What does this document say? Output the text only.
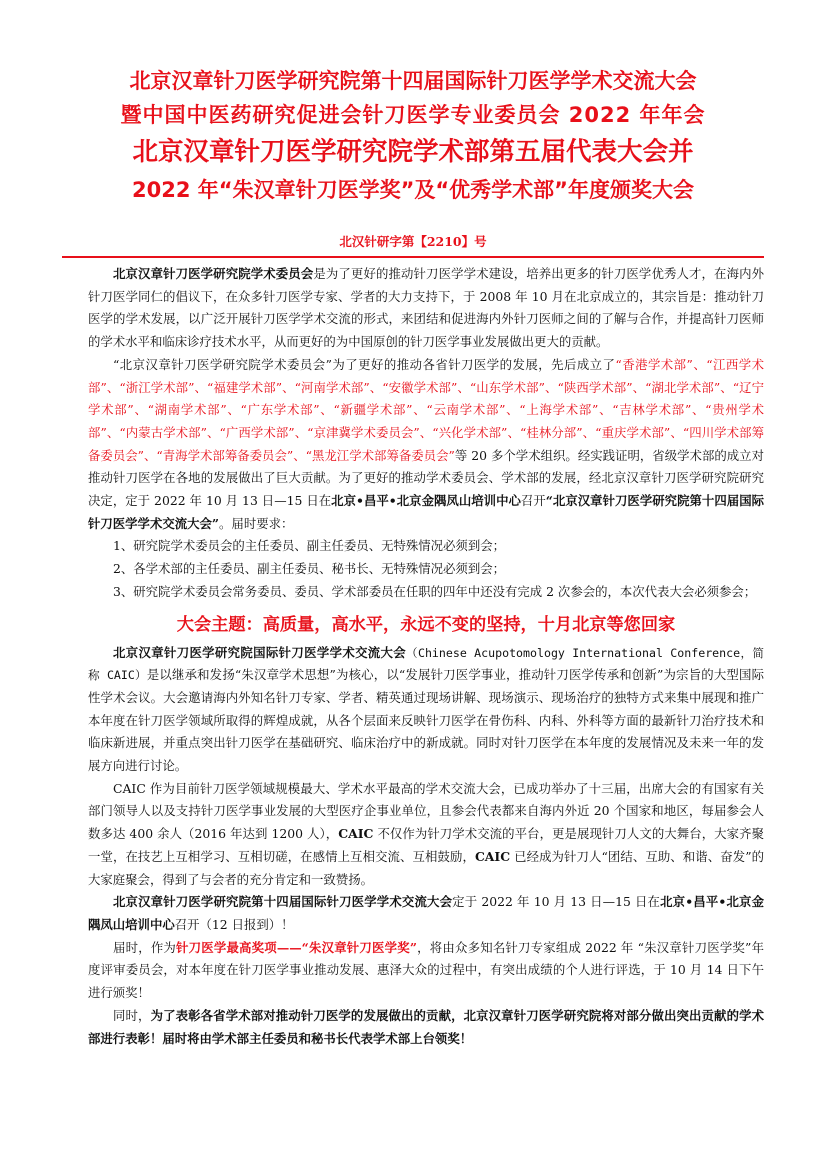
北京汉章针刀医学研究院第十四届国际针刀医学学术交流大会
暨中国中医药研究促进会针刀医学专业委员会 2022 年年会
北京汉章针刀医学研究院学术部第五届代表大会并
2022 年“朱汉章针刀医学奖”及“优秀学术部”年度颁奖大会
北汉针研字第【2210】号

北京汉章针刀医学研究院学术委员会是为了更好的推动针刀医学学术建设，培养出更多的针刀医学优秀人才，在海内外针刀医学同仁的倡议下，在众多针刀医学专家、学者的大力支持下，于 2008 年 10 月在北京成立的，其宗旨是：推动针刀医学的学术发展，以广泛开展针刀医学学术交流的形式，来团结和促进海内外针刀医师之间的了解与合作，并提高针刀医师的学术水平和临床诊疗技术水平，从而更好的为中国原创的针刀医学事业发展做出更大的贡献。

“北京汉章针刀医学研究院学术委员会”为了更好的推动各省针刀医学的发展，先后成立了“香港学术部”、“江西学术部”、“浙江学术部”、“福建学术部”、“河南学术部”、“安徽学术部”、“山东学术部”、“陕西学术部”、“湖北学术部”、“辽宁学术部”、“湖南学术部”、“广东学术部”、“新疆学术部”、“云南学术部”、“上海学术部”、“吉林学术部”、“贵州学术部”、“内蒙古学术部”、“广西学术部”、“京津冀学术委员会”、“兴化学术部”、“桂林分部”、“重庆学术部”、“四川学术部筹备委员会”、“青海学术部筹备委员会”、“黑龙江学术部筹备委员会”等 20 多个学术组织。经实践证明，省级学术部的成立对推动针刀医学在各地的发展做出了巨大贡献。为了更好的推动学术委员会、学术部的发展，经北京汉章针刀医学研究院研究决定，定于 2022 年 10 月 13 日—15 日在北京•昌平•北京金隅凤山培训中心召开“北京汉章针刀医学研究院第十四届国际针刀医学学术交流大会”。届时要求：

1、研究院学术委员会的主任委员、副主任委员、无特殊情况必须到会；

2、各学术部的主任委员、副主任委员、秘书长、无特殊情况必须到会；

3、研究院学术委员会常务委员、委员、学术部委员在任职的四年中还没有完成 2 次参会的，本次代表大会必须参会；

大会主题：高质量，高水平，永远不变的坚持，十月北京等您回家

北京汉章针刀医学研究院国际针刀医学学术交流大会（Chinese Acupotomology International Conference，简称 CAIC）是以继承和发扬“朱汉章学术思想”为核心，以“发展针刀医学事业，推动针刀医学传承和创新”为宗旨的大型国际性学术会议。大会邀请海内外知名针刀专家、学者、精英通过现场讲解、现场演示、现场治疗的独特方式来集中展现和推广本年度在针刀医学领域所取得的辉煌成就，从各个层面来反映针刀医学在骨伤科、内科、外科等方面的最新针刀治疗技术和临床新进展，并重点突出针刀医学在基础研究、临床治疗中的新成就。同时对针刀医学在本年度的发展情况及未来一年的发展方向进行讨论。

CAIC 作为目前针刀医学领域规模最大、学术水平最高的学术交流大会，已成功举办了十三届，出席大会的有国家有关部门领导人以及支持针刀医学事业发展的大型医疗企事业单位，且参会代表都来自海内外近 20 个国家和地区，每届参会人数多达 400 余人（2016 年达到 1200 人），CAIC 不仅作为针刀学术交流的平台，更是展现针刀人文的大舞台，大家齐聚一堂，在技艺上互相学习、互相切磋，在感情上互相交流、互相鼓励，CAIC 已经成为针刀人“团结、互助、和谐、奋发”的大家庭聚会，得到了与会者的充分肯定和一致赞扬。

北京汉章针刀医学研究院第十四届国际针刀医学学术交流大会定于 2022 年 10 月 13 日—15 日在北京•昌平•北京金隅凤山培训中心召开（12 日报到）！

届时，作为针刀医学最高奖项——“朱汉章针刀医学奖”，将由众多知名针刀专家组成 2022 年 “朱汉章针刀医学奖”年度评审委员会，对本年度在针刀医学事业推动发展、惠泽大众的过程中，有突出成绩的个人进行评选，于 10 月 14 日下午进行颁奖！

同时，为了表彰各省学术部对推动针刀医学的发展做出的贡献，北京汉章针刀医学研究院将对部分做出突出贡献的学术部进行表彰！届时将由学术部主任委员和秘书长代表学术部上台领奖！
